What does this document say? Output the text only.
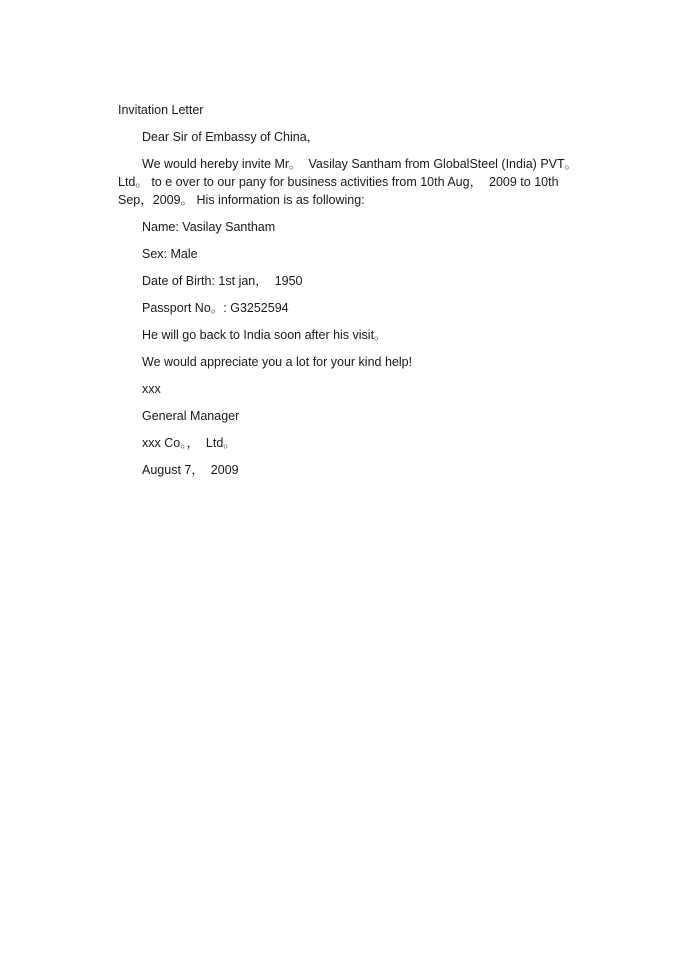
Invitation Letter

Dear Sir of Embassy of China，

We would hereby invite Mr。  Vasilay Santham from GlobalSteel (India) PVT。 Ltd。 to e over to our pany for business activities from 10th Aug，  2009 to 10th Sep，2009。 His information is as following:

Name: Vasilay Santham

Sex: Male

Date of Birth: 1st jan，  1950

Passport No。: G3252594

He will go back to India soon after his visit。

We would appreciate you a lot for your kind help!

xxx

General Manager

xxx Co。，  Ltd。

August 7，  2009
